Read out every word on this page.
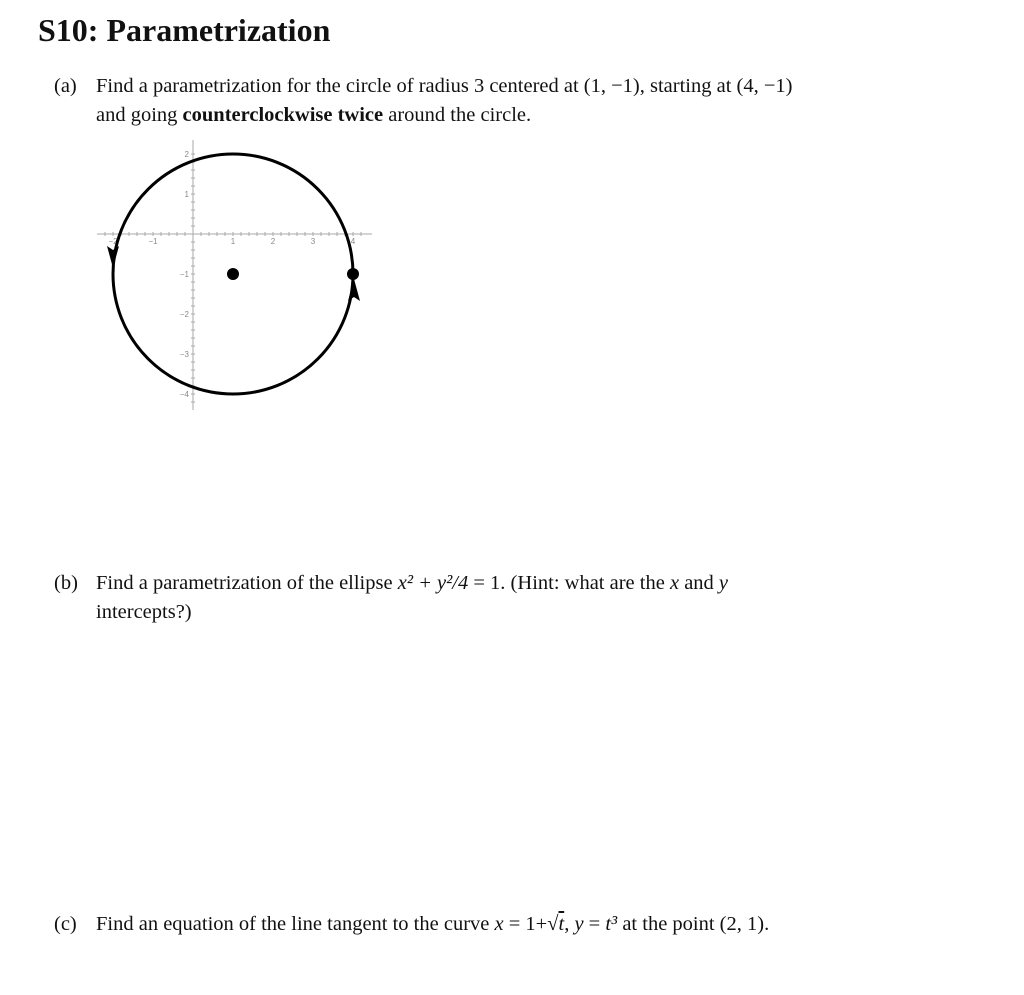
S10: Parametrization
(a) Find a parametrization for the circle of radius 3 centered at (1, −1), starting at (4, −1)
and going counterclockwise twice around the circle.
−2	−1	1	2	3	4
2
1
−1
−2
−3
−4
(b) Find a parametrization of the ellipse x² + y²/4 = 1. (Hint: what are the x and y
intercepts?)
(c) Find an equation of the line tangent to the curve x = 1+√t, y = t³ at the point (2, 1).
